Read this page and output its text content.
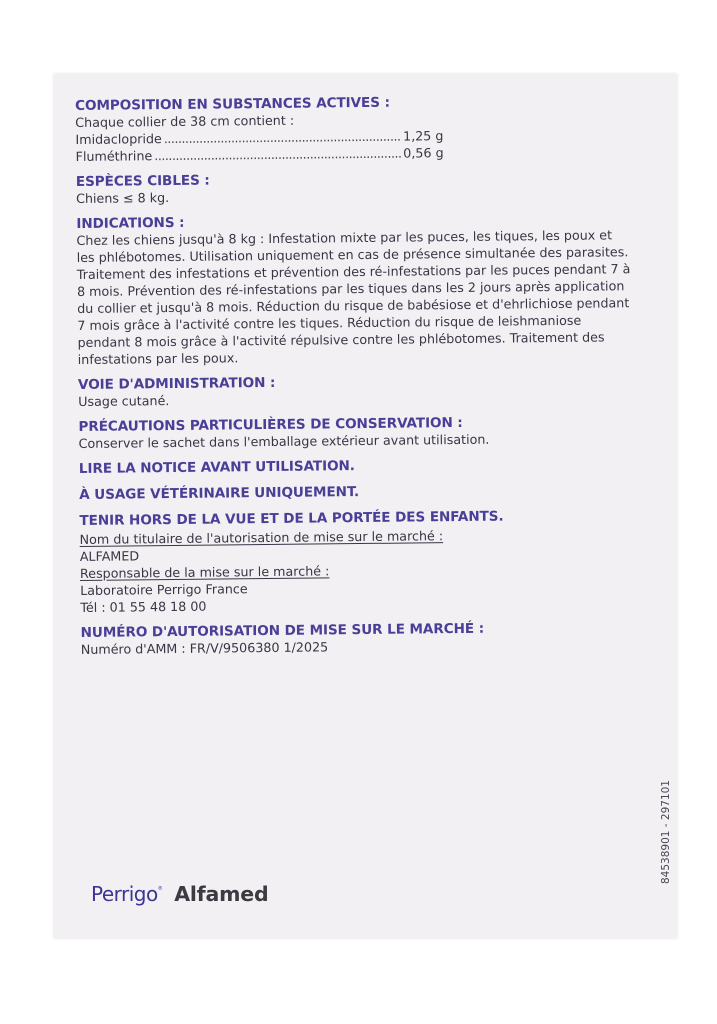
COMPOSITION EN SUBSTANCES ACTIVES :
Chaque collier de 38 cm contient :
Imidaclopride .....	1,25 g
Fluméthrine .....	0,56 g
ESPÈCES CIBLES :
Chiens ≤ 8 kg.
INDICATIONS :
Chez les chiens jusqu'à 8 kg : Infestation mixte par les puces, les tiques, les poux et les phlébotomes. Utilisation uniquement en cas de présence simultanée des parasites. Traitement des infestations et prévention des ré-infestations par les puces pendant 7 à 8 mois. Prévention des ré-infestations par les tiques dans les 2 jours après application du collier et jusqu'à 8 mois. Réduction du risque de babésiose et d'ehrlichiose pendant 7 mois grâce à l'activité contre les tiques. Réduction du risque de leishmaniose pendant 8 mois grâce à l'activité répulsive contre les phlébotomes. Traitement des infestations par les poux.
VOIE D'ADMINISTRATION :
Usage cutané.
PRÉCAUTIONS PARTICULIÈRES DE CONSERVATION :
Conserver le sachet dans l'emballage extérieur avant utilisation.
LIRE LA NOTICE AVANT UTILISATION.
À USAGE VÉTÉRINAIRE UNIQUEMENT.
TENIR HORS DE LA VUE ET DE LA PORTÉE DES ENFANTS.
Nom du titulaire de l'autorisation de mise sur le marché :
ALFAMED
Responsable de la mise sur le marché :
Laboratoire Perrigo France
Tél : 01 55 48 18 00
NUMÉRO D'AUTORISATION DE MISE SUR LE MARCHÉ :
Numéro d'AMM : FR/V/9506380 1/2025
84538901 - 297101
Perrigo® Alfamed
